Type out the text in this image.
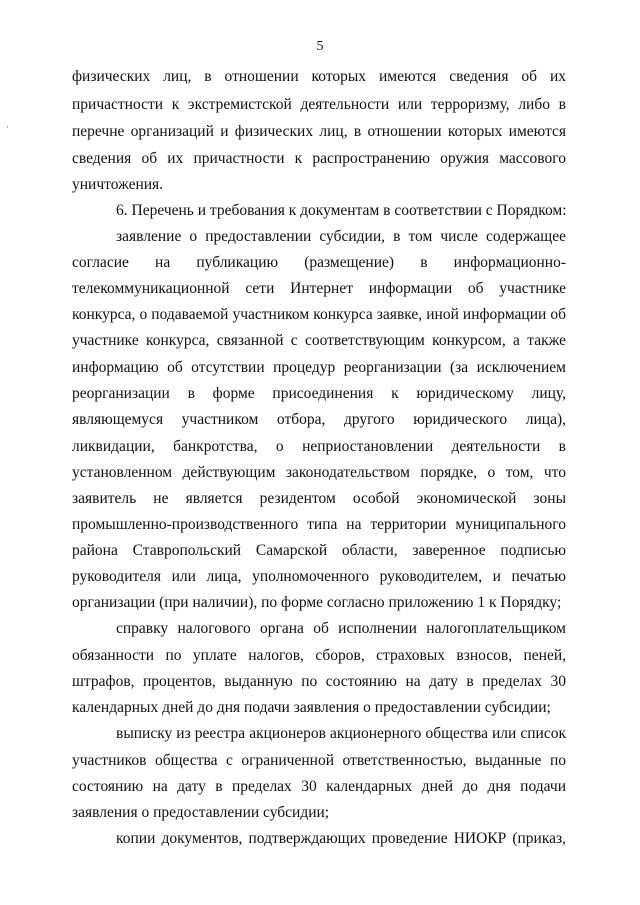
5
·
физических лиц, в отношении которых имеются сведения об их
причастности к экстремистской деятельности или терроризму, либо в
перечне организаций и физических лиц, в отношении которых имеются
сведения об их причастности к распространению оружия массового
уничтожения.
6. Перечень и требования к документам в соответствии с Порядком:
заявление о предоставлении субсидии, в том числе содержащее
согласие на публикацию (размещение) в информационно-
телекоммуникационной сети Интернет информации об участнике
конкурса, о подаваемой участником конкурса заявке, иной информации об
участнике конкурса, связанной с соответствующим конкурсом, а также
информацию об отсутствии процедур реорганизации (за исключением
реорганизации в форме присоединения к юридическому лицу,
являющемуся участником отбора, другого юридического лица),
ликвидации, банкротства, о неприостановлении деятельности в
установленном действующим законодательством порядке, о том, что
заявитель не является резидентом особой экономической зоны
промышленно-производственного типа на территории муниципального
района Ставропольский Самарской области, заверенное подписью
руководителя или лица, уполномоченного руководителем, и печатью
организации (при наличии), по форме согласно приложению 1 к Порядку;
справку налогового органа об исполнении налогоплательщиком
обязанности по уплате налогов, сборов, страховых взносов, пеней,
штрафов, процентов, выданную по состоянию на дату в пределах 30
календарных дней до дня подачи заявления о предоставлении субсидии;
выписку из реестра акционеров акционерного общества или список
участников общества с ограниченной ответственностью, выданные по
состоянию на дату в пределах 30 календарных дней до дня подачи
заявления о предоставлении субсидии;
копии документов, подтверждающих проведение НИОКР (приказ,
